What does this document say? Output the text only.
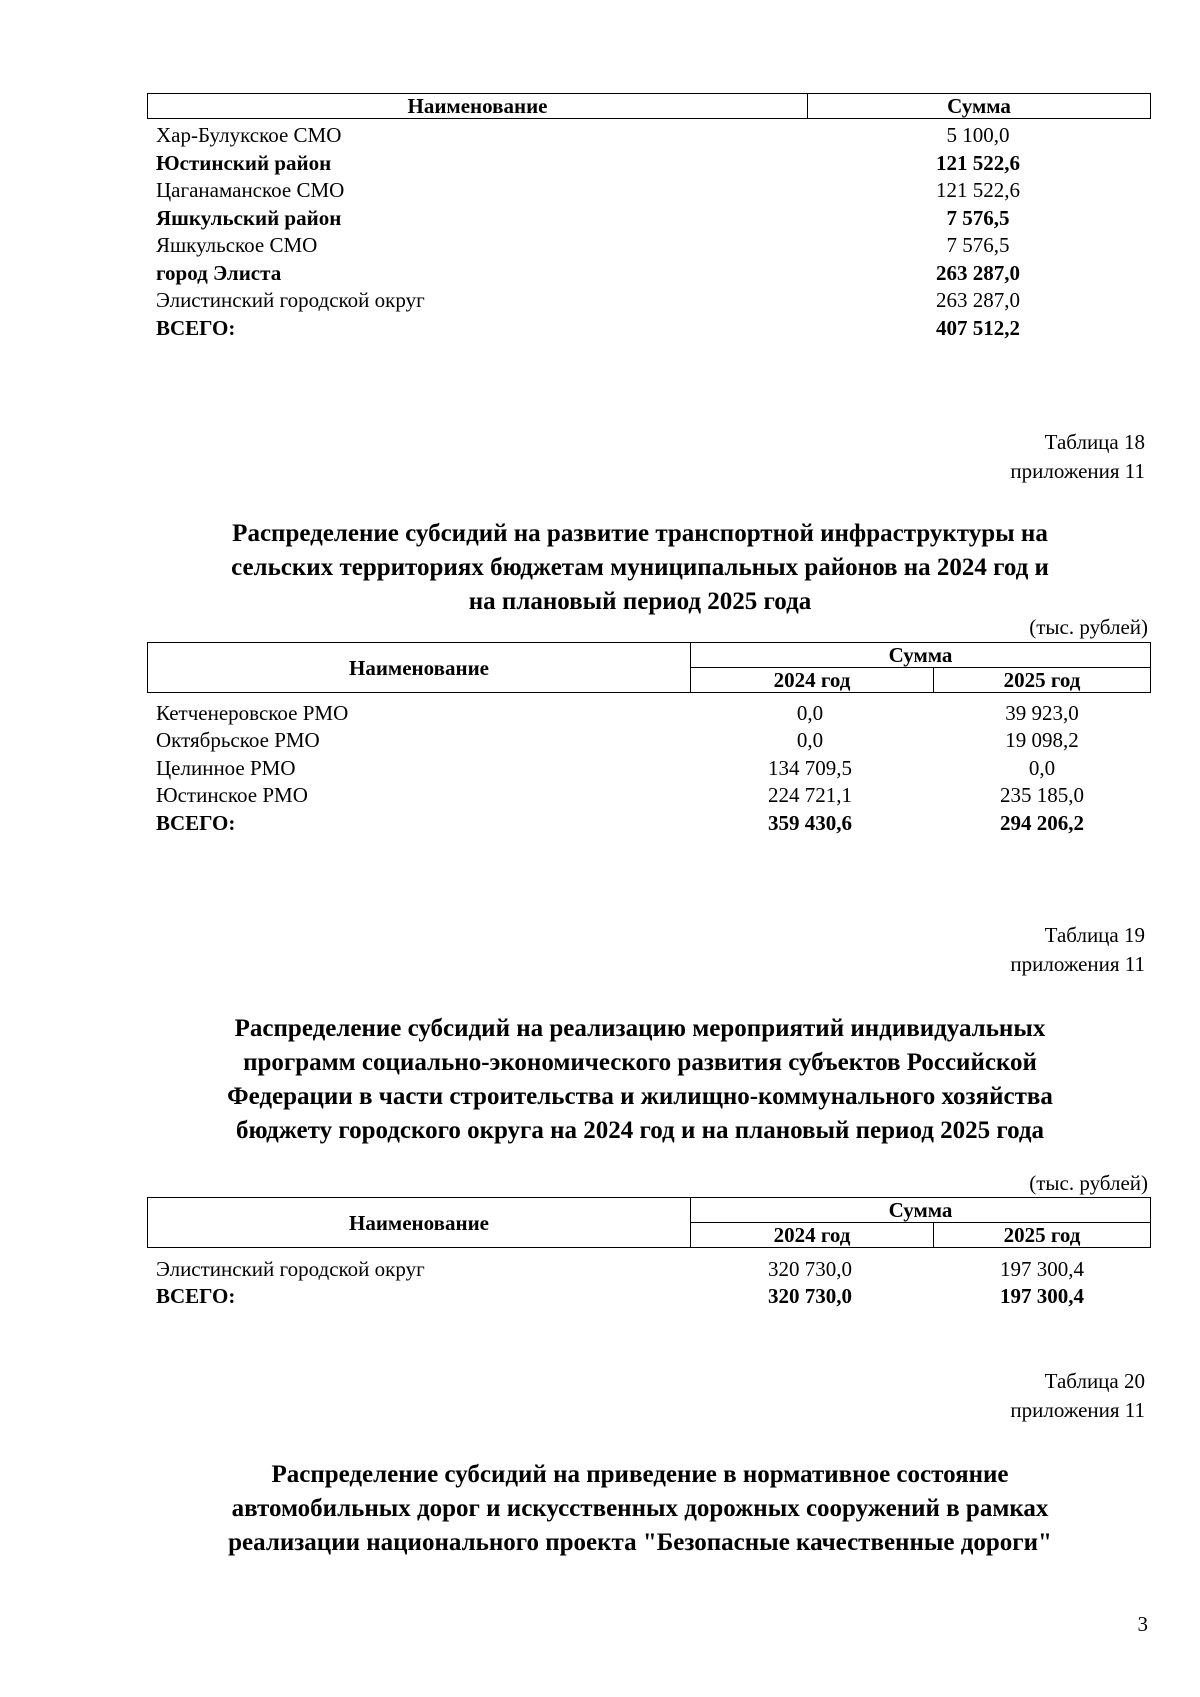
Наименование	Сумма
Хар-Булукское СМО	5 100,0
Юстинский район	121 522,6
Цаганаманское СМО	121 522,6
Яшкульский район	7 576,5
Яшкульское СМО	7 576,5
город Элиста	263 287,0
Элистинский городской округ	263 287,0
ВСЕГО:	407 512,2
Таблица 18
приложения 11
Распределение субсидий на развитие транспортной инфраструктуры на
сельских территориях бюджетам муниципальных районов на 2024 год и
на плановый период 2025 года
(тыс. рублей)
Наименование	Сумма	
	2024 год	2025 год
Кетченеровское РМО	0,0	39 923,0
Октябрьское РМО	0,0	19 098,2
Целинное РМО	134 709,5	0,0
Юстинское РМО	224 721,1	235 185,0
ВСЕГО:	359 430,6	294 206,2
Таблица 19
приложения 11
Распределение субсидий на реализацию мероприятий индивидуальных
программ социально-экономического развития субъектов Российской
Федерации в части строительства и жилищно-коммунального хозяйства
бюджету городского округа на 2024 год и на плановый период 2025 года
(тыс. рублей)
Наименование	Сумма	
	2024 год	2025 год
Элистинский городской округ	320 730,0	197 300,4
ВСЕГО:	320 730,0	197 300,4
Таблица 20
приложения 11
Распределение субсидий на приведение в нормативное состояние
автомобильных дорог и искусственных дорожных сооружений в рамках
реализации национального проекта "Безопасные качественные дороги"
3
